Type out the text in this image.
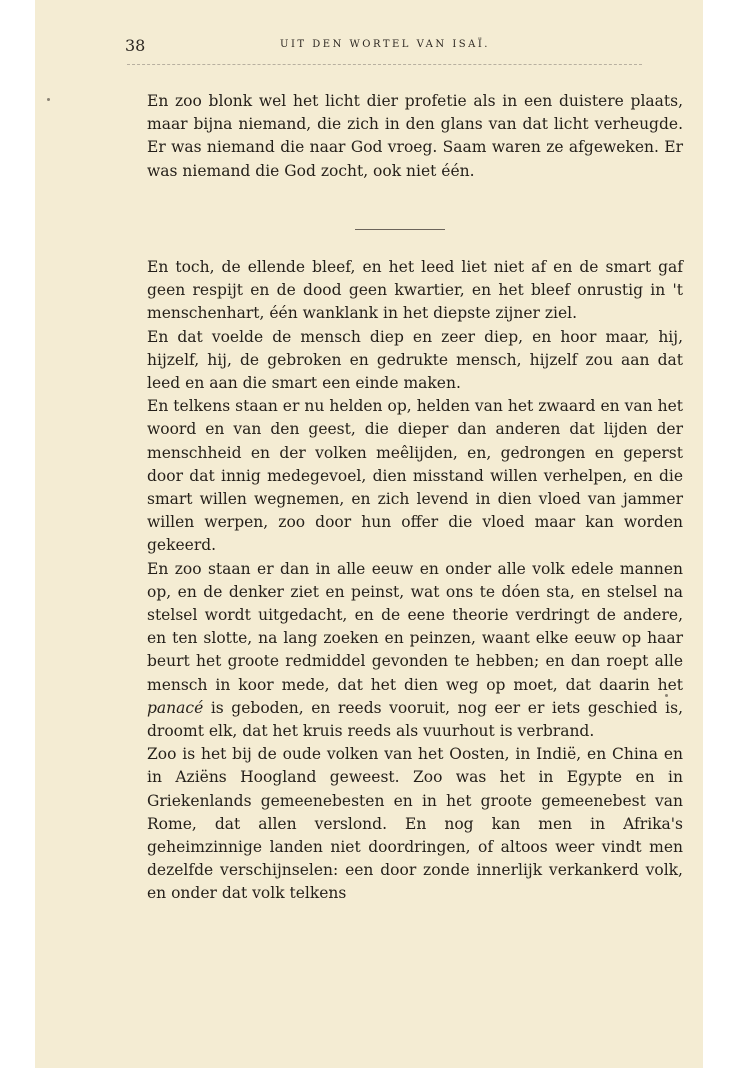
38	UIT DEN WORTEL VAN ISAÏ.

En zoo blonk wel het licht dier profetie als in een duistere plaats, maar bijna niemand, die zich in den glans van dat licht verheugde. Er was niemand die naar God vroeg. Saam waren ze afgeweken. Er was niemand die God zocht, ook niet één.

En toch, de ellende bleef, en het leed liet niet af en de smart gaf geen respijt en de dood geen kwartier, en het bleef onrustig in 't menschenhart, één wanklank in het diepste zijner ziel.

En dat voelde de mensch diep en zeer diep, en hoor maar, hij, hijzelf, hij, de gebroken en gedrukte mensch, hijzelf zou aan dat leed en aan die smart een einde maken.

En telkens staan er nu helden op, helden van het zwaard en van het woord en van den geest, die dieper dan anderen dat lijden der menschheid en der volken meêlijden, en, gedrongen en geperst door dat innig medegevoel, dien misstand willen verhelpen, en die smart willen wegnemen, en zich levend in dien vloed van jammer willen werpen, zoo door hun offer die vloed maar kan worden gekeerd.

En zoo staan er dan in alle eeuw en onder alle volk edele mannen op, en de denker ziet en peinst, wat ons te dóen sta, en stelsel na stelsel wordt uitgedacht, en de eene theorie verdringt de andere, en ten slotte, na lang zoeken en peinzen, waant elke eeuw op haar beurt het groote redmiddel gevonden te hebben; en dan roept alle mensch in koor mede, dat het dien weg op moet, dat daarin het panacé is geboden, en reeds vooruit, nog eer er iets geschied is, droomt elk, dat het kruis reeds als vuurhout is verbrand.

Zoo is het bij de oude volken van het Oosten, in Indië, en China en in Aziëns Hoogland geweest. Zoo was het in Egypte en in Griekenlands gemeenebesten en in het groote gemeenebest van Rome, dat allen verslond. En nog kan men in Afrika's geheimzinnige landen niet doordringen, of altoos weer vindt men dezelfde verschijnselen: een door zonde innerlijk verkankerd volk, en onder dat volk telkens
